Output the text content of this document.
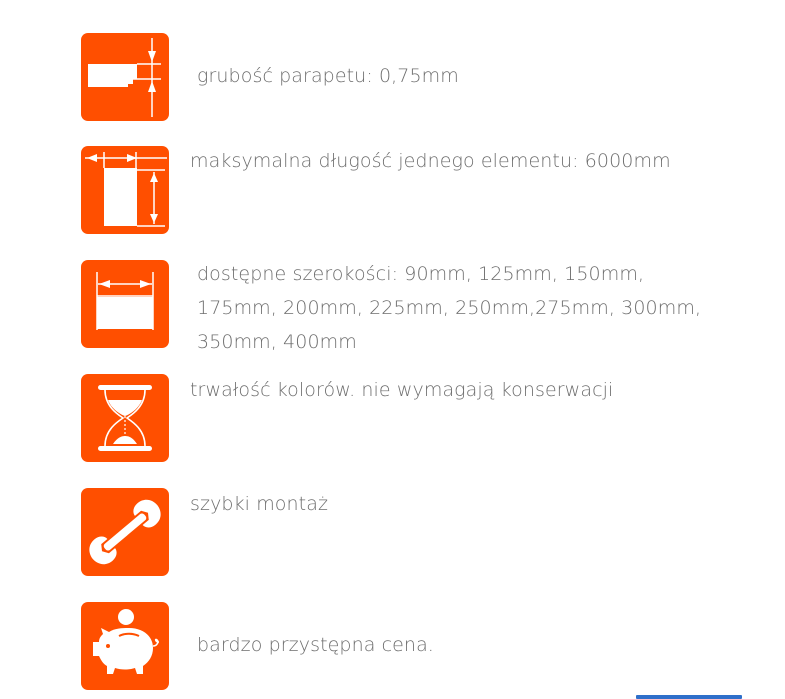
grubość parapetu: 0,75mm
maksymalna długość jednego elementu: 6000mm
dostępne szerokości: 90mm, 125mm, 150mm,
175mm, 200mm, 225mm, 250mm,275mm, 300mm,
350mm, 400mm
trwałość kolorów. nie wymagają konserwacji
szybki montaż
bardzo przystępna cena.
